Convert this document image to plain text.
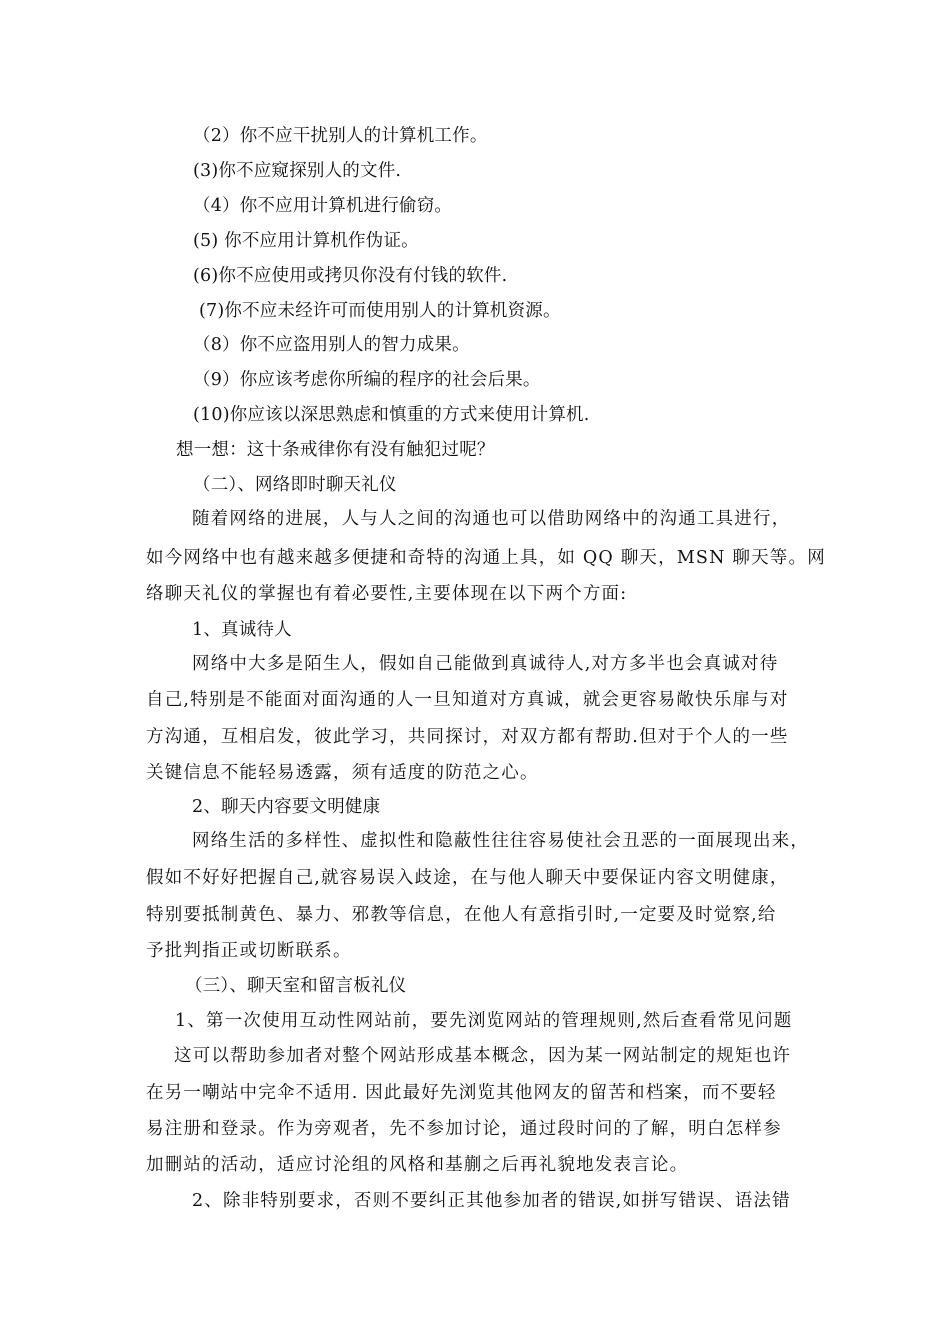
（2）你不应干扰别人的计算机工作。
(3)你不应窥探别人的文件.
（4）你不应用计算机进行偷窃。
(5) 你不应用计算机作伪证。
(6)你不应使用或拷贝你没有付钱的软件.
(7)你不应未经许可而使用别人的计算机资源。
（8）你不应盗用别人的智力成果。
（9）你应该考虑你所编的程序的社会后果。
(10)你应该以深思熟虑和慎重的方式来使用计算机.
想一想：这十条戒律你有没有触犯过呢？
（二）、网络即时聊天礼仪
随着网络的进展，人与人之间的沟通也可以借助网络中的沟通工具进行，
如今网络中也有越来越多便捷和奇特的沟通上具，如 QQ 聊天，MSN 聊天等。网
络聊天礼仪的掌握也有着必要性,主要体现在以下两个方面:
1、真诚待人
网络中大多是陌生人，假如自己能做到真诚待人,对方多半也会真诚对待
自己,特别是不能面对面沟通的人一旦知道对方真诚，就会更容易敞快乐扉与对
方沟通，互相启发，彼此学习，共同探讨，对双方都有帮助.但对于个人的一些
关键信息不能轻易透露，须有适度的防范之心。
2、聊天内容要文明健康
网络生活的多样性、虚拟性和隐蔽性往往容易使社会丑恶的一面展现出来，
假如不好好把握自己,就容易误入歧途，在与他人聊天中要保证内容文明健康，
特别要抵制黄色、暴力、邪教等信息，在他人有意指引时,一定要及时觉察,给
予批判指正或切断联系。
（三）、聊天室和留言板礼仪
1、第一次使用互动性网站前，要先浏览网站的管理规则,然后查看常见问题
这可以帮助参加者对整个网站形成基本概念，因为某一网站制定的规矩也许
在另一嘲站中完伞不适用. 因此最好先浏览其他网友的留苦和档案，而不要轻
易注册和登录。作为旁观者，先不参加讨论，通过段时问的了解，明白怎样参
加刪站的活动，适应讨沦组的风格和基蒯之后再礼貌地发表言论。
2、除非特别要求，否则不要纠正其他参加者的错误,如拼写错误、语法错
